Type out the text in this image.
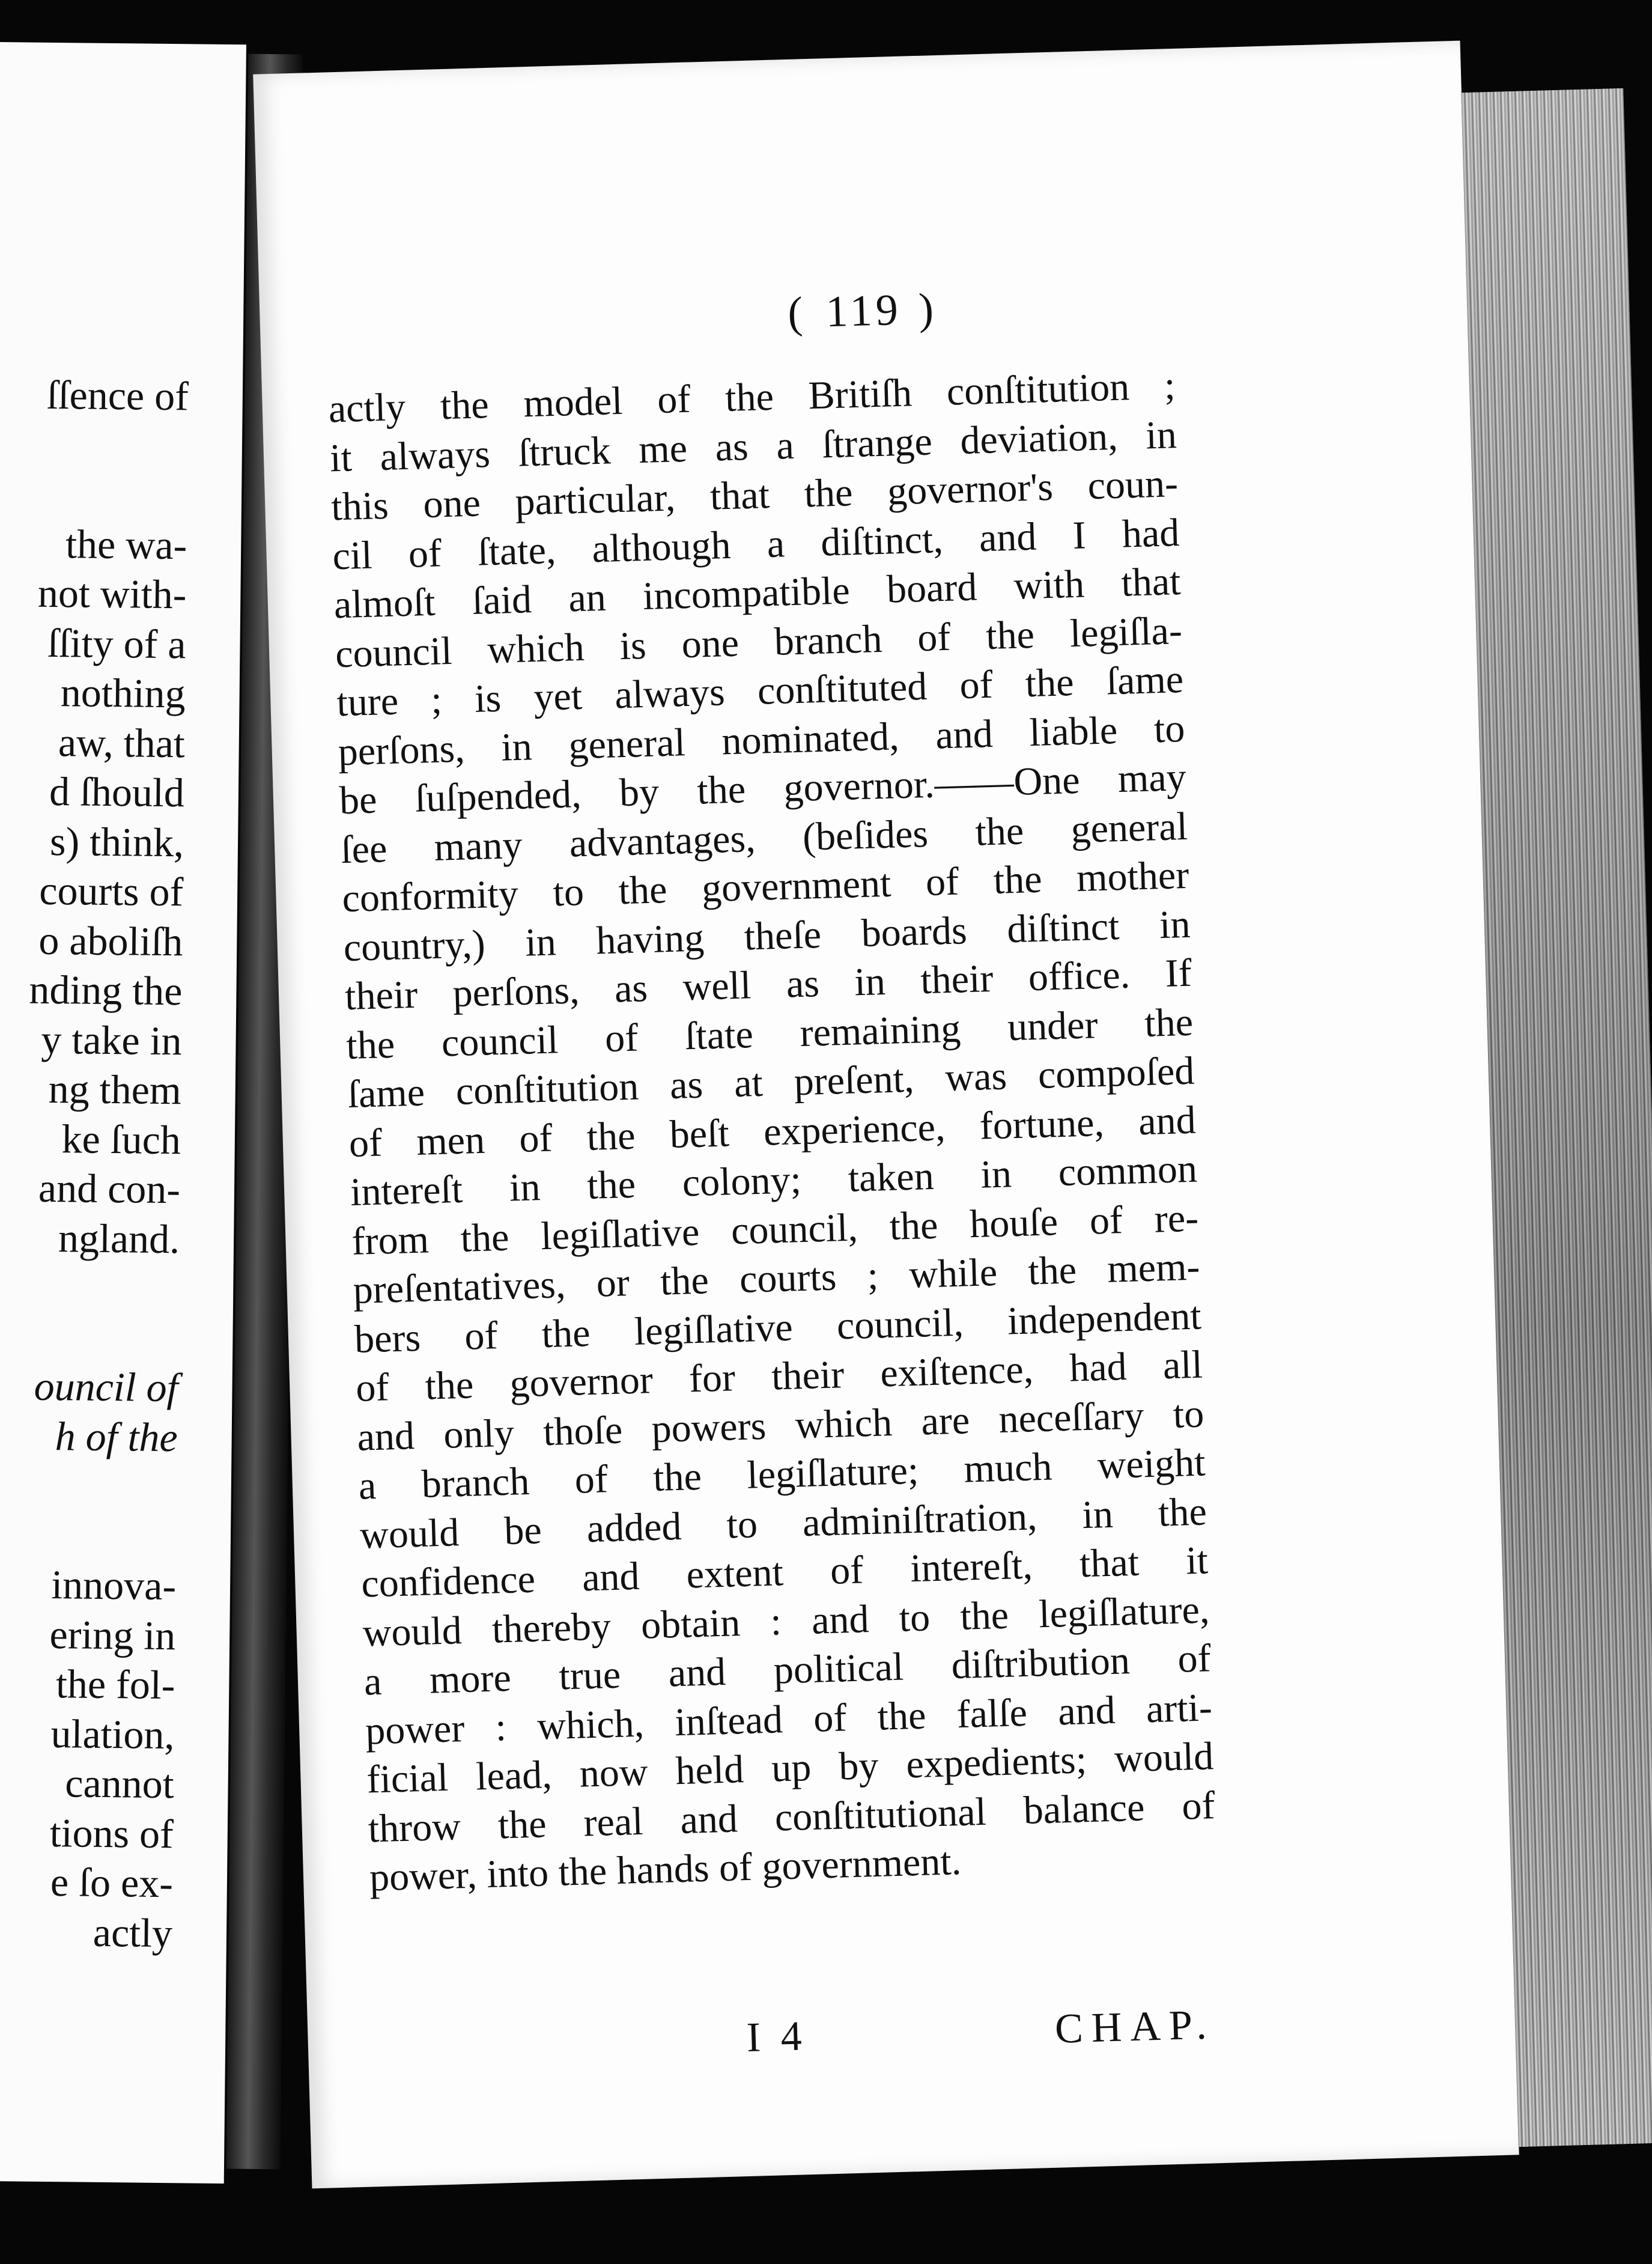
ſſence of
the wa-
not with-
ſſity of a
nothing
aw, that
d ſhould
s) think,
courts of
o aboliſh
nding the
y take in
ng them
ke ſuch
and con-
ngland.
ouncil of
h of the
innova-
ering in
the fol-
ulation,
cannot
tions of
e ſo ex-
actly
( 119 )
actly the model of the Britiſh conſtitution ;
it always ſtruck me as a ſtrange deviation, in
this one particular, that the governor's coun-
cil of ſtate, although a diſtinct, and I had
almoſt ſaid an incompatible board with that
council which is one branch of the legiſla-
ture ; is yet always conſtituted of the ſame
perſons, in general nominated, and liable to
be ſuſpended, by the governor.——One may
ſee many advantages, (beſides the general
conformity to the government of the mother
country,) in having theſe boards diſtinct in
their perſons, as well as in their office. If
the council of ſtate remaining under the
ſame conſtitution as at preſent, was compoſed
of men of the beſt experience, fortune, and
intereſt in the colony; taken in common
from the legiſlative council, the houſe of re-
preſentatives, or the courts ; while the mem-
bers of the legiſlative council, independent
of the governor for their exiſtence, had all
and only thoſe powers which are neceſſary to
a branch of the legiſlature; much weight
would be added to adminiſtration, in the
confidence and extent of intereſt, that it
would thereby obtain : and to the legiſlature,
a more true and political diſtribution of
power : which, inſtead of the falſe and arti-
ficial lead, now held up by expedients; would
throw the real and conſtitutional balance of
power, into the hands of government.
I 4	CHAP.
